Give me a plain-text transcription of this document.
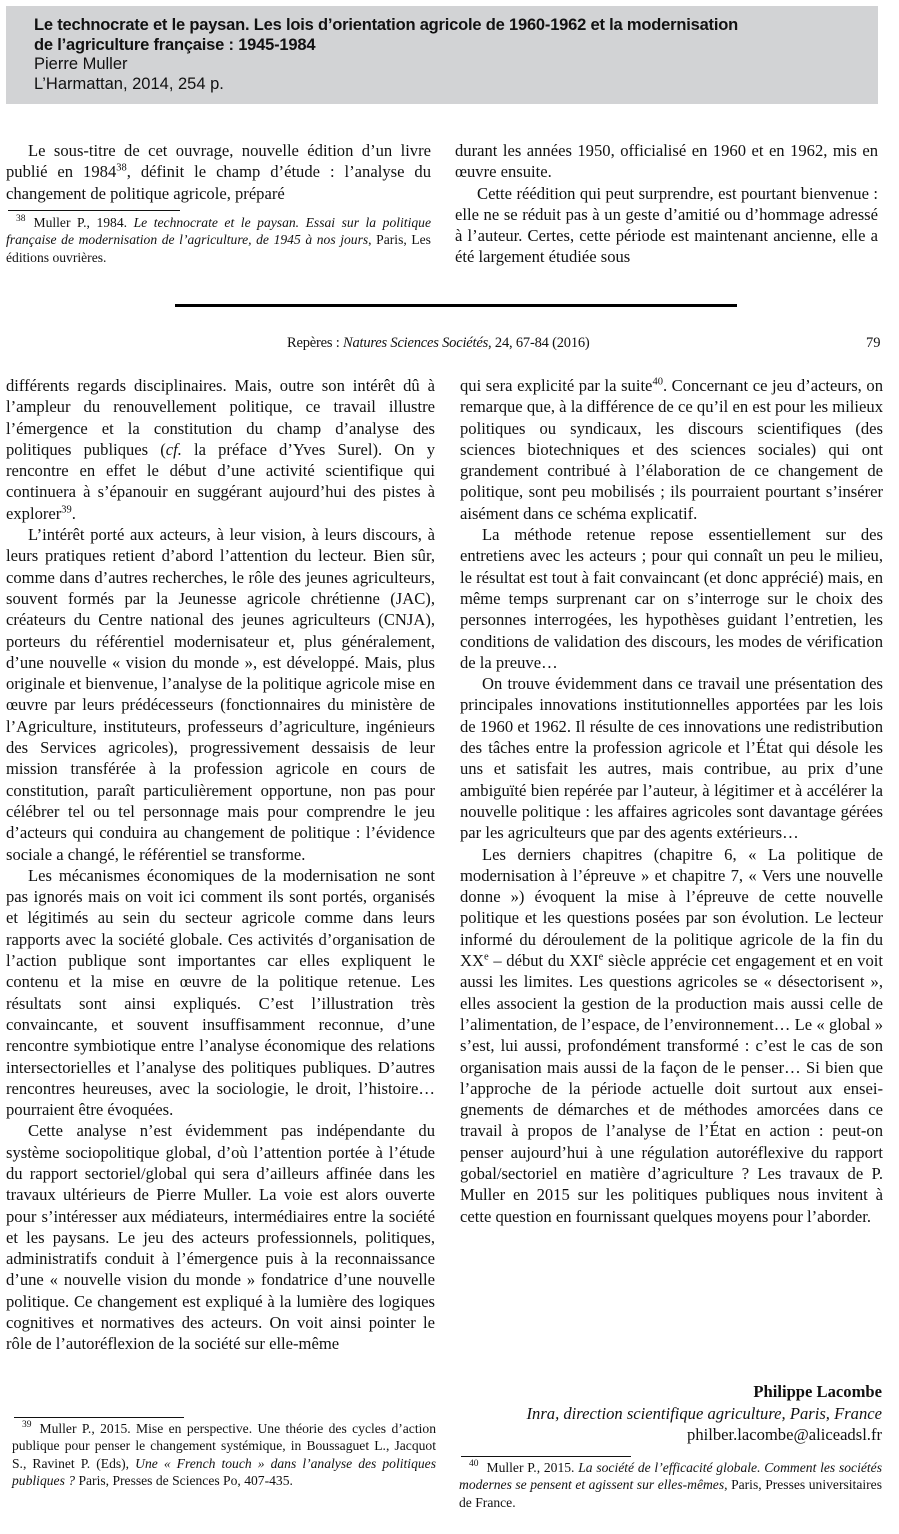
Le technocrate et le paysan. Les lois d’orientation agricole de 1960-1962 et la modernisation
de l’agriculture française : 1945-1984
Pierre Muller
L’Harmattan, 2014, 254 p.

Le sous-titre de cet ouvrage, nouvelle édition d’un livre publié en 1984$^{38}$, définit le champ d’étude : l’analyse du changement de politique agricole, préparé

$^{38}$ Muller P., 1984. Le technocrate et le paysan. Essai sur la politique française de modernisation de l’agriculture, de 1945 à nos jours, Paris, Les éditions ouvrières.

durant les années 1950, officialisé en 1960 et en 1962, mis en œuvre ensuite.

Cette réédition qui peut surprendre, est pourtant bienvenue : elle ne se réduit pas à un geste d’amitié ou d’hommage adressé à l’auteur. Certes, cette période est maintenant ancienne, elle a été largement étudiée sous

Repères : Natures Sciences Sociétés, 24, 67-84 (2016)	79

différents regards disciplinaires. Mais, outre son intérêt dû à l’ampleur du renouvellement politique, ce travail illustre l’émergence et la constitution du champ d’analyse des politiques publiques (cf. la préface d’Yves Surel). On y rencontre en effet le début d’une activité scientifique qui continuera à s’épanouir en suggérant aujourd’hui des pistes à explorer$^{39}$.

L’intérêt porté aux acteurs, à leur vision, à leurs discours, à leurs pratiques retient d’abord l’attention du lecteur. Bien sûr, comme dans d’autres recherches, le rôle des jeunes agriculteurs, souvent formés par la Jeunesse agricole chrétienne (JAC), créateurs du Centre national des jeunes agriculteurs (CNJA), porteurs du référentiel modernisateur et, plus généralement, d’une nouvelle « vision du monde », est développé. Mais, plus originale et bienvenue, l’analyse de la politique agricole mise en œuvre par leurs prédécesseurs (fonctionnaires du ministère de l’Agriculture, instituteurs, professeurs d’agriculture, ingénieurs des Services agricoles), progressivement dessaisis de leur mission transférée à la profession agricole en cours de constitution, paraît particulièrement opportune, non pas pour célébrer tel ou tel personnage mais pour comprendre le jeu d’acteurs qui conduira au changement de politique : l’évidence sociale a changé, le référentiel se transforme.

Les mécanismes économiques de la modernisation ne sont pas ignorés mais on voit ici comment ils sont portés, organisés et légitimés au sein du secteur agricole comme dans leurs rapports avec la société globale. Ces activités d’organisation de l’action publique sont importantes car elles expliquent le contenu et la mise en œuvre de la politique retenue. Les résultats sont ainsi expliqués. C’est l’illustration très convaincante, et souvent insuffisamment reconnue, d’une rencontre symbiotique entre l’analyse économique des relations intersectorielles et l’analyse des politiques publiques. D’autres rencontres heureuses, avec la sociologie, le droit, l’histoire… pourraient être évoquées.

Cette analyse n’est évidemment pas indépendante du système sociopolitique global, d’où l’attention portée à l’étude du rapport sectoriel/global qui sera d’ailleurs affinée dans les travaux ultérieurs de Pierre Muller. La voie est alors ouverte pour s’intéresser aux médiateurs, intermédiaires entre la société et les paysans. Le jeu des acteurs professionnels, politiques, administratifs conduit à l’émergence puis à la reconnaissance d’une « nouvelle vision du monde » fondatrice d’une nouvelle politique. Ce changement est expliqué à la lumière des logiques cognitives et normatives des acteurs. On voit ainsi pointer le rôle de l’autoréflexion de la société sur elle-même

$^{39}$ Muller P., 2015. Mise en perspective. Une théorie des cycles d’action publique pour penser le changement systémique, in Boussaguet L., Jacquot S., Ravinet P. (Eds), Une « French touch » dans l’analyse des politiques publiques ? Paris, Presses de Sciences Po, 407-435.

qui sera explicité par la suite$^{40}$. Concernant ce jeu d’acteurs, on remarque que, à la différence de ce qu’il en est pour les milieux politiques ou syndicaux, les discours scientifiques (des sciences biotechniques et des sciences sociales) qui ont grandement contribué à l’élaboration de ce changement de politique, sont peu mobilisés ; ils pourraient pourtant s’insérer aisément dans ce schéma explicatif.

La méthode retenue repose essentiellement sur des entretiens avec les acteurs ; pour qui connaît un peu le milieu, le résultat est tout à fait convaincant (et donc apprécié) mais, en même temps surprenant car on s’interroge sur le choix des personnes interrogées, les hypothèses guidant l’entretien, les conditions de validation des discours, les modes de vérification de la preuve…

On trouve évidemment dans ce travail une présentation des principales innovations institutionnelles apportées par les lois de 1960 et 1962. Il résulte de ces innovations une redistribution des tâches entre la profession agricole et l’État qui désole les uns et satisfait les autres, mais contribue, au prix d’une ambiguïté bien repérée par l’auteur, à légitimer et à accélérer la nouvelle politique : les affaires agricoles sont davantage gérées par les agriculteurs que par des agents extérieurs…

Les derniers chapitres (chapitre 6, « La politique de modernisation à l’épreuve » et chapitre 7, « Vers une nouvelle donne ») évoquent la mise à l’épreuve de cette nouvelle politique et les questions posées par son évolution. Le lecteur informé du déroulement de la politique agricole de la fin du XXe – début du XXIe siècle apprécie cet engagement et en voit aussi les limites. Les questions agricoles se « désectorisent », elles associent la gestion de la production mais aussi celle de l’alimentation, de l’espace, de l’environnement… Le « global » s’est, lui aussi, profondément transformé : c’est le cas de son organisation mais aussi de la façon de le penser… Si bien que l’approche de la période actuelle doit surtout aux enseignements de démarches et de méthodes amorcées dans ce travail à propos de l’analyse de l’État en action : peut-on penser aujourd’hui à une régulation autoréflexive du rapport gobal/sectoriel en matière d’agriculture ? Les travaux de P. Muller en 2015 sur les politiques publiques nous invitent à cette question en fournissant quelques moyens pour l’aborder.

Philippe Lacombe
Inra, direction scientifique agriculture, Paris, France
philber.lacombe@aliceadsl.fr
$^{40}$ Muller P., 2015. La société de l’efficacité globale. Comment les sociétés modernes se pensent et agissent sur elles-mêmes, Paris, Presses universitaires de France.
